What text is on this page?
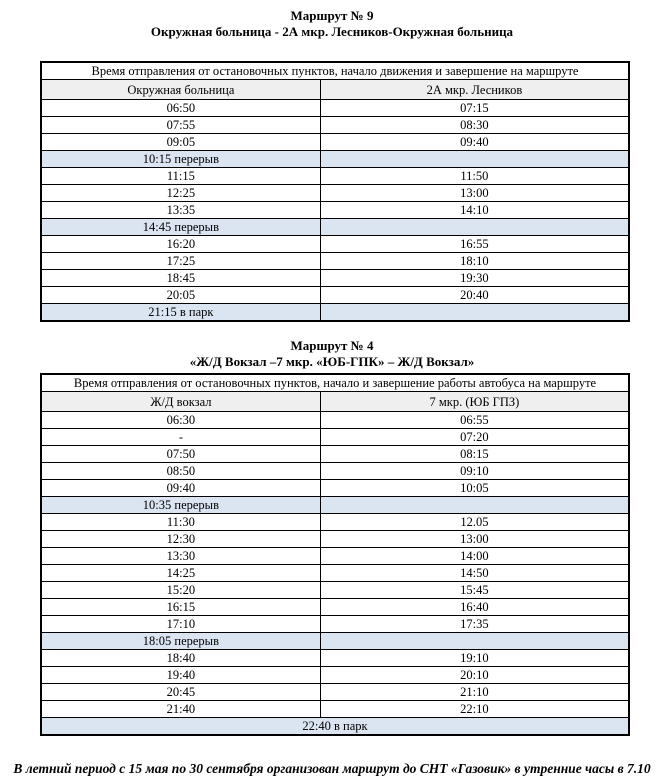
Маршрут № 9
Окружная больница - 2А мкр. Лесников-Окружная больница
Время отправления от остановочных пунктов, начало движения и завершение на маршруте	
Окружная больница	2А мкр. Лесников
06:50	07:15
07:55	08:30
09:05	09:40
10:15 перерыв	
11:15	11:50
12:25	13:00
13:35	14:10
14:45 перерыв	
16:20	16:55
17:25	18:10
18:45	19:30
20:05	20:40
21:15 в парк	
Маршрут № 4
«Ж/Д Вокзал –7 мкр. «ЮБ-ГПК» – Ж/Д Вокзал»
Время отправления от остановочных пунктов, начало и завершение работы автобуса на маршруте	
Ж/Д вокзал	7 мкр. (ЮБ ГПЗ)
06:30	06:55
-	07:20
07:50	08:15
08:50	09:10
09:40	10:05
10:35 перерыв	
11:30	12.05
12:30	13:00
13:30	14:00
14:25	14:50
15:20	15:45
16:15	16:40
17:10	17:35
18:05 перерыв	
18:40	19:10
19:40	20:10
20:45	21:10
21:40	22:10
22:40 в парк	
В летний период с 15 мая по 30 сентября организован маршрут до СНТ «Газовик» в утренние часы в 7.10
